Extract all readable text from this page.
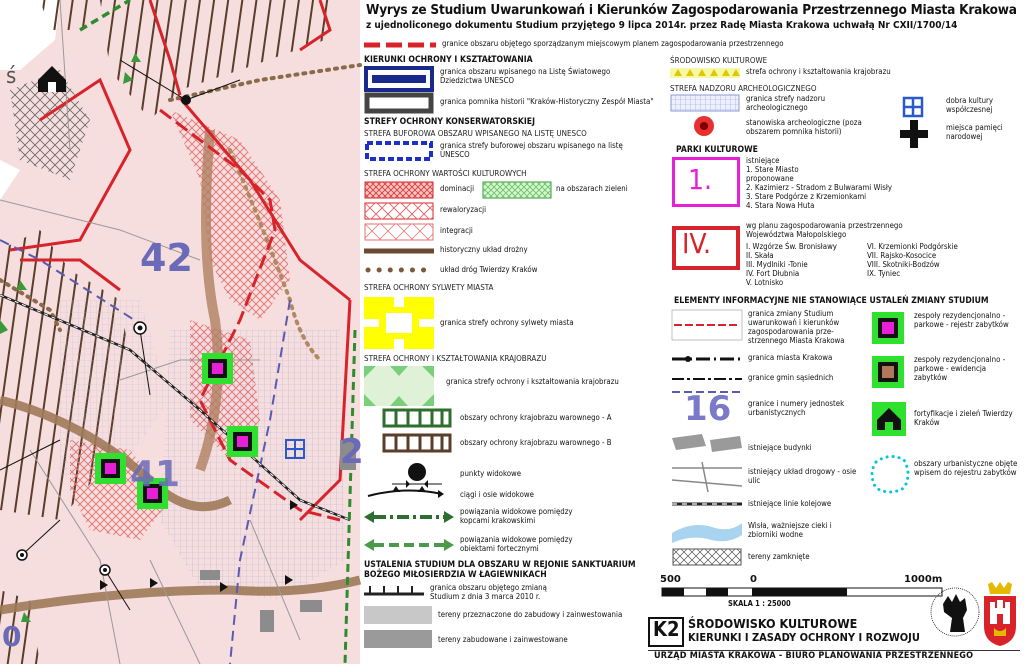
42
41
2
0
ś
Wyrys ze Studium Uwarunkowań i Kierunków Zagospodarowania Przestrzennego Miasta Krakowa
z ujednoliconego dokumentu Studium przyjętego 9 lipca 2014r. przez Radę Miasta Krakowa uchwałą Nr CXII/1700/14
granice obszaru objętego sporządzanym miejscowym planem zagospodarowania przestrzennego
KIERUNKI OCHRONY I KSZTAŁTOWANIA
granica obszaru wpisanego na Listę Światowego Dziedzictwa UNESCO
granica pomnika historii "Kraków-Historyczny Zespół Miasta"
STREFY OCHRONY KONSERWATORSKIEJ
STREFA BUFOROWA OBSZARU WPISANEGO NA LISTĘ UNESCO
granica strefy buforowej obszaru wpisanego na listę UNESCO
STREFA OCHRONY WARTOŚCI KULTUROWYCH
dominacji	na obszarach zieleni
rewaloryzacji
integracji
historyczny układ drożny
układ dróg Twierdzy Kraków
STREFA OCHRONY SYLWETY MIASTA
granica strefy ochrony sylwety miasta
STREFA OCHRONY I KSZTAŁTOWANIA KRAJOBRAZU
granica strefy ochrony i kształtowania krajobrazu
obszary ochrony krajobrazu warownego - A
obszary ochrony krajobrazu warownego - B
punkty widokowe
ciągi i osie widokowe
powiązania widokowe pomiędzy kopcami krakowskimi
powiązania widokowe pomiędzy obiektami fortecznymi
USTALENIA STUDIUM DLA OBSZARU W REJONIE SANKTUARIUM BOŻEGO MIŁOSIERDZIA W ŁAGIEWNIKACH
granica obszaru objętego zmianą Studium z dnia 3 marca 2010 r.
tereny przeznaczone do zabudowy i zainwestowania
tereny zabudowane i zainwestowane
ŚRODOWISKO KULTUROWE
strefa ochrony i kształtowania krajobrazu
STREFA NADZORU ARCHEOLOGICZNEGO
granica strefy nadzoru archeologicznego
stanowiska archeologiczne (poza obszarem pomnika historii)
dobra kultury współczesnej
miejsca pamięci narodowej
PARKI KULTUROWE
1.
istniejące
1. Stare Miasto
proponowane
2. Kazimierz - Stradom z Bulwarami Wisły
3. Stare Podgórze z Krzemionkami
4. Stara Nowa Huta
IV.
wg planu zagospodarowania przestrzennego Województwa Małopolskiego
I. Wzgórze Św. Bronisławy
II. Skała
III. Mydlniki -Tonie
IV. Fort Dłubnia
V. Lotnisko
VI. Krzemionki Podgórskie
VII. Rajsko-Kosocice
VIII. Skotniki-Bodzów
IX. Tyniec
ELEMENTY INFORMACYJNE NIE STANOWIĄCE USTALEŃ ZMIANY STUDIUM
granica zmiany Studium uwarunkowań i kierunków zagospodarowania prze- strzennego Miasta Krakowa
granica miasta Krakowa
granice gmin sąsiednich
16 granice i numery jednostek urbanistycznych
istniejące budynki
istniejący układ drogowy - osie ulic
istniejące linie kolejowe
Wisła, ważniejsze cieki i zbiorniki wodne
tereny zamknięte
zespoły rezydencjonalno - parkowe - rejestr zabytków
zespoły rezydencjonalno - parkowe - ewidencja zabytków
fortyfikacje i zieleń Twierdzy Kraków
obszary urbanistyczne objęte wpisem do rejestru zabytków
500	0	1000m
SKALA 1 : 25000
K2 ŚRODOWISKO KULTUROWE
KIERUNKI I ZASADY OCHRONY I ROZWOJU
URZĄD MIASTA KRAKOWA - BIURO PLANOWANIA PRZESTRZENNEGO
